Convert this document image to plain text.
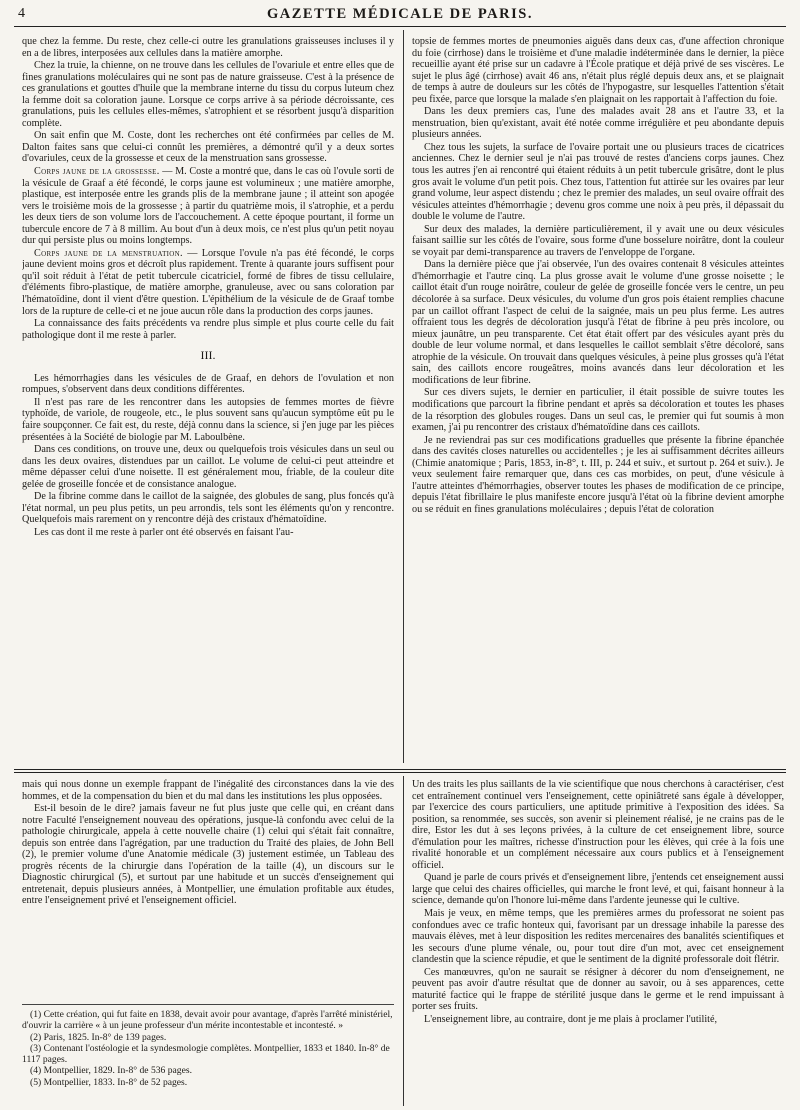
4	GAZETTE MÉDICALE DE PARIS.

que chez la femme. Du reste, chez celle-ci outre les granulations graisseuses incluses il y en a de libres, interposées aux cellules dans la matière amorphe.

Chez la truie, la chienne, on ne trouve dans les cellules de l'ovariule et entre elles que de fines granulations moléculaires qui ne sont pas de nature graisseuse. C'est à la présence de ces granulations et gouttes d'huile que la membrane interne du tissu du corpus luteum chez la femme doit sa coloration jaune. Lorsque ce corps arrive à sa période décroissante, ces granulations, puis les cellules elles-mêmes, s'atrophient et se résorbent jusqu'à disparition complète.

On sait enfin que M. Coste, dont les recherches ont été confirmées par celles de M. Dalton faites sans que celui-ci connût les premières, a démontré qu'il y a deux sortes d'ovariules, ceux de la grossesse et ceux de la menstruation sans grossesse.

Corps jaune de la grossesse. — M. Coste a montré que, dans le cas où l'ovule sorti de la vésicule de Graaf a été fécondé, le corps jaune est volumineux ; une matière amorphe, plastique, est interposée entre les grands plis de la membrane jaune ; il atteint son apogée vers le troisième mois de la grossesse ; à partir du quatrième mois, il s'atrophie, et a perdu les deux tiers de son volume lors de l'accouchement. A cette époque pourtant, il forme un tubercule encore de 7 à 8 millim. Au bout d'un à deux mois, ce n'est plus qu'un petit noyau dur qui persiste plus ou moins longtemps.

Corps jaune de la menstruation. — Lorsque l'ovule n'a pas été fécondé, le corps jaune devient moins gros et décroît plus rapidement. Trente à quarante jours suffisent pour qu'il soit réduit à l'état de petit tubercule cicatriciel, formé de fibres de tissu cellulaire, d'éléments fibro-plastique, de matière amorphe, granuleuse, avec ou sans coloration par l'hématoïdine, dont il vient d'être question. L'épithélium de la vésicule de de Graaf tombe lors de la rupture de celle-ci et ne joue aucun rôle dans la production des corps jaunes.

La connaissance des faits précédents va rendre plus simple et plus courte celle du fait pathologique dont il me reste à parler.

III.

Les hémorrhagies dans les vésicules de de Graaf, en dehors de l'ovulation et non rompues, s'observent dans deux conditions différentes.

Il n'est pas rare de les rencontrer dans les autopsies de femmes mortes de fièvre typhoïde, de variole, de rougeole, etc., le plus souvent sans qu'aucun symptôme eût pu le faire soupçonner. Ce fait est, du reste, déjà connu dans la science, si j'en juge par les pièces présentées à la Société de biologie par M. Laboulbène.

Dans ces conditions, on trouve une, deux ou quelquefois trois vésicules dans un seul ou dans les deux ovaires, distendues par un caillot. Le volume de celui-ci peut atteindre et même dépasser celui d'une noisette. Il est généralement mou, friable, de la couleur dite gelée de groseille foncée et de consistance analogue.

De la fibrine comme dans le caillot de la saignée, des globules de sang, plus foncés qu'à l'état normal, un peu plus petits, un peu arrondis, tels sont les éléments qu'on y rencontre. Quelquefois mais rarement on y rencontre déjà des cristaux d'hématoïdine.

Les cas dont il me reste à parler ont été observés en faisant l'au-

topsie de femmes mortes de pneumonies aiguës dans deux cas, d'une affection chronique du foie (cirrhose) dans le troisième et d'une maladie indéterminée dans le dernier, la pièce recueillie ayant été prise sur un cadavre à l'École pratique et déjà privé de ses viscères. Le sujet le plus âgé (cirrhose) avait 46 ans, n'était plus réglé depuis deux ans, et se plaignait de temps à autre de douleurs sur les côtés de l'hypogastre, sur lesquelles l'attention s'était peu fixée, parce que lorsque la malade s'en plaignait on les rapportait à l'affection du foie.

Dans les deux premiers cas, l'une des malades avait 28 ans et l'autre 33, et la menstruation, bien qu'existant, avait été notée comme irrégulière et peu abondante depuis plusieurs années.

Chez tous les sujets, la surface de l'ovaire portait une ou plusieurs traces de cicatrices anciennes. Chez le dernier seul je n'ai pas trouvé de restes d'anciens corps jaunes. Chez tous les autres j'en ai rencontré qui étaient réduits à un petit tubercule grisâtre, dont le plus gros avait le volume d'un petit pois. Chez tous, l'attention fut attirée sur les ovaires par leur grand volume, leur aspect distendu ; chez le premier des malades, un seul ovaire offrait des vésicules atteintes d'hémorrhagie ; devenu gros comme une noix à peu près, il dépassait du double le volume de l'autre.

Sur deux des malades, la dernière particulièrement, il y avait une ou deux vésicules faisant saillie sur les côtés de l'ovaire, sous forme d'une bosselure noirâtre, dont la couleur se voyait par demi-transparence au travers de l'enveloppe de l'organe.

Dans la dernière pièce que j'ai observée, l'un des ovaires contenait 8 vésicules atteintes d'hémorrhagie et l'autre cinq. La plus grosse avait le volume d'une grosse noisette ; le caillot était d'un rouge noirâtre, couleur de gelée de groseille foncée vers le centre, un peu décolorée à sa surface. Deux vésicules, du volume d'un gros pois étaient remplies chacune par un caillot offrant l'aspect de celui de la saignée, mais un peu plus ferme. Les autres offraient tous les degrés de décoloration jusqu'à l'état de fibrine à peu près incolore, ou mieux jaunâtre, un peu transparente. Cet état était offert par des vésicules ayant près du double de leur volume normal, et dans lesquelles le caillot semblait s'être décoloré, sans atrophie de la vésicule. On trouvait dans quelques vésicules, à peine plus grosses qu'à l'état sain, des caillots encore rougeâtres, moins avancés dans leur décoloration et les modifications de leur fibrine.

Sur ces divers sujets, le dernier en particulier, il était possible de suivre toutes les modifications que parcourt la fibrine pendant et après sa décoloration et toutes les phases de la résorption des globules rouges. Dans un seul cas, le premier qui fut soumis à mon examen, j'ai pu rencontrer des cristaux d'hématoïdine dans ces caillots.

Je ne reviendrai pas sur ces modifications graduelles que présente la fibrine épanchée dans des cavités closes naturelles ou accidentelles ; je les ai suffisamment décrites ailleurs (Chimie anatomique ; Paris, 1853, in-8°, t. III, p. 244 et suiv., et surtout p. 264 et suiv.). Je veux seulement faire remarquer que, dans ces cas morbides, on peut, d'une vésicule à l'autre atteintes d'hémorrhagies, observer toutes les phases de modification de ce principe, depuis l'état fibrillaire le plus manifeste encore jusqu'à l'état où la fibrine devient amorphe ou se réduit en fines granulations moléculaires ; depuis l'état de coloration

mais qui nous donne un exemple frappant de l'inégalité des circonstances dans la vie des hommes, et de la compensation du bien et du mal dans les institutions les plus opposées.

Est-il besoin de le dire? jamais faveur ne fut plus juste que celle qui, en créant dans notre Faculté l'enseignement nouveau des opérations, jusque-là confondu avec celui de la pathologie chirurgicale, appela à cette nouvelle chaire (1) celui qui s'était fait connaître, depuis son entrée dans l'agrégation, par une traduction du Traité des plaies, de John Bell (2), le premier volume d'une Anatomie médicale (3) justement estimée, un Tableau des progrès récents de la chirurgie dans l'opération de la taille (4), un discours sur le Diagnostic chirurgical (5), et surtout par une habitude et un succès d'enseignement qui entretenait, depuis plusieurs années, à Montpellier, une émulation profitable aux études, entre l'enseignement privé et l'enseignement officiel.

Un des traits les plus saillants de la vie scientifique que nous cherchons à caractériser, c'est cet entraînement continuel vers l'enseignement, cette opiniâtreté sans égale à développer, par l'exercice des cours particuliers, une aptitude primitive à l'exposition des idées. Sa position, sa renommée, ses succès, son avenir si pleinement réalisé, je ne crains pas de le dire, Estor les dut à ses leçons privées, à la culture de cet enseignement libre, source d'émulation pour les maîtres, richesse d'instruction pour les élèves, qui crée à la fois une rivalité honorable et un complément nécessaire aux cours publics et à l'enseignement officiel.

Quand je parle de cours privés et d'enseignement libre, j'entends cet enseignement aussi large que celui des chaires officielles, qui marche le front levé, et qui, faisant honneur à la science, demande qu'on l'honore lui-même dans l'ardente jeunesse qui le cultive.

Mais je veux, en même temps, que les premières armes du professorat ne soient pas confondues avec ce trafic honteux qui, favorisant par un dressage inhabile la paresse des mauvais élèves, met à leur disposition les redites mercenaires des banalités scientifiques et les secours d'une plume vénale, ou, pour tout dire d'un mot, avec cet enseignement clandestin que la science répudie, et que le sentiment de la dignité professorale doit flétrir.

Ces manœuvres, qu'on ne saurait se résigner à décorer du nom d'enseignement, ne peuvent pas avoir d'autre résultat que de donner au savoir, ou à ses apparences, cette maturité factice qui le frappe de stérilité jusque dans le germe et le rend impuissant à porter ses fruits.

L'enseignement libre, au contraire, dont je me plais à proclamer l'utilité,

(1) Cette création, qui fut faite en 1838, devait avoir pour avantage, d'après l'arrêté ministériel, d'ouvrir la carrière « à un jeune professeur d'un mérite incontestable et incontesté. »
(2) Paris, 1825. In-8° de 139 pages.
(3) Contenant l'ostéologie et la syndesmologie complètes. Montpellier, 1833 et 1840. In-8° de 1117 pages.
(4) Montpellier, 1829. In-8° de 536 pages.
(5) Montpellier, 1833. In-8° de 52 pages.
